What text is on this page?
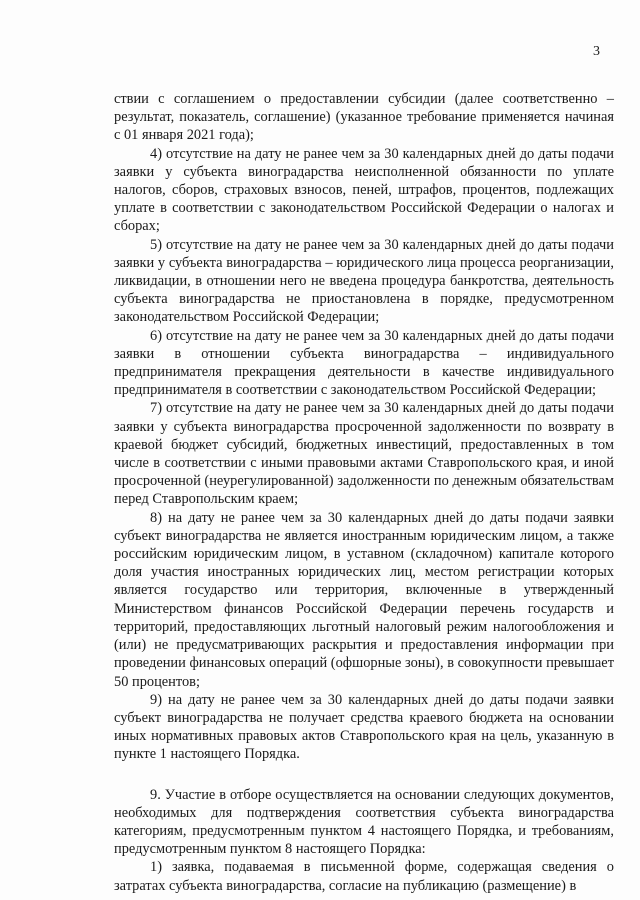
3

ствии с соглашением о предоставлении субсидии (далее соответственно – результат, показатель, соглашение) (указанное требование применяется начиная с 01 января 2021 года);

4) отсутствие на дату не ранее чем за 30 календарных дней до даты подачи заявки у субъекта виноградарства неисполненной обязанности по уплате налогов, сборов, страховых взносов, пеней, штрафов, процентов, подлежащих уплате в соответствии с законодательством Российской Федерации о налогах и сборах;

5) отсутствие на дату не ранее чем за 30 календарных дней до даты подачи заявки у субъекта виноградарства – юридического лица процесса реорганизации, ликвидации, в отношении него не введена процедура банкротства, деятельность субъекта виноградарства не приостановлена в порядке, предусмотренном законодательством Российской Федерации;

6) отсутствие на дату не ранее чем за 30 календарных дней до даты подачи заявки в отношении субъекта виноградарства – индивидуального предпринимателя прекращения деятельности в качестве индивидуального предпринимателя в соответствии с законодательством Российской Федерации;

7) отсутствие на дату не ранее чем за 30 календарных дней до даты подачи заявки у субъекта виноградарства просроченной задолженности по возврату в краевой бюджет субсидий, бюджетных инвестиций, предоставленных в том числе в соответствии с иными правовыми актами Ставропольского края, и иной просроченной (неурегулированной) задолженности по денежным обязательствам перед Ставропольским краем;

8) на дату не ранее чем за 30 календарных дней до даты подачи заявки субъект виноградарства не является иностранным юридическим лицом, а также российским юридическим лицом, в уставном (складочном) капитале которого доля участия иностранных юридических лиц, местом регистрации которых является государство или территория, включенные в утвержденный Министерством финансов Российской Федерации перечень государств и территорий, предоставляющих льготный налоговый режим налогообложения и (или) не предусматривающих раскрытия и предоставления информации при проведении финансовых операций (офшорные зоны), в совокупности превышает 50 процентов;

9) на дату не ранее чем за 30 календарных дней до даты подачи заявки субъект виноградарства не получает средства краевого бюджета на основании иных нормативных правовых актов Ставропольского края на цель, указанную в пункте 1 настоящего Порядка.

9. Участие в отборе осуществляется на основании следующих документов, необходимых для подтверждения соответствия субъекта виноградарства категориям, предусмотренным пунктом 4 настоящего Порядка, и требованиям, предусмотренным пунктом 8 настоящего Порядка:

1) заявка, подаваемая в письменной форме, содержащая сведения о затратах субъекта виноградарства, согласие на публикацию (размещение) в
